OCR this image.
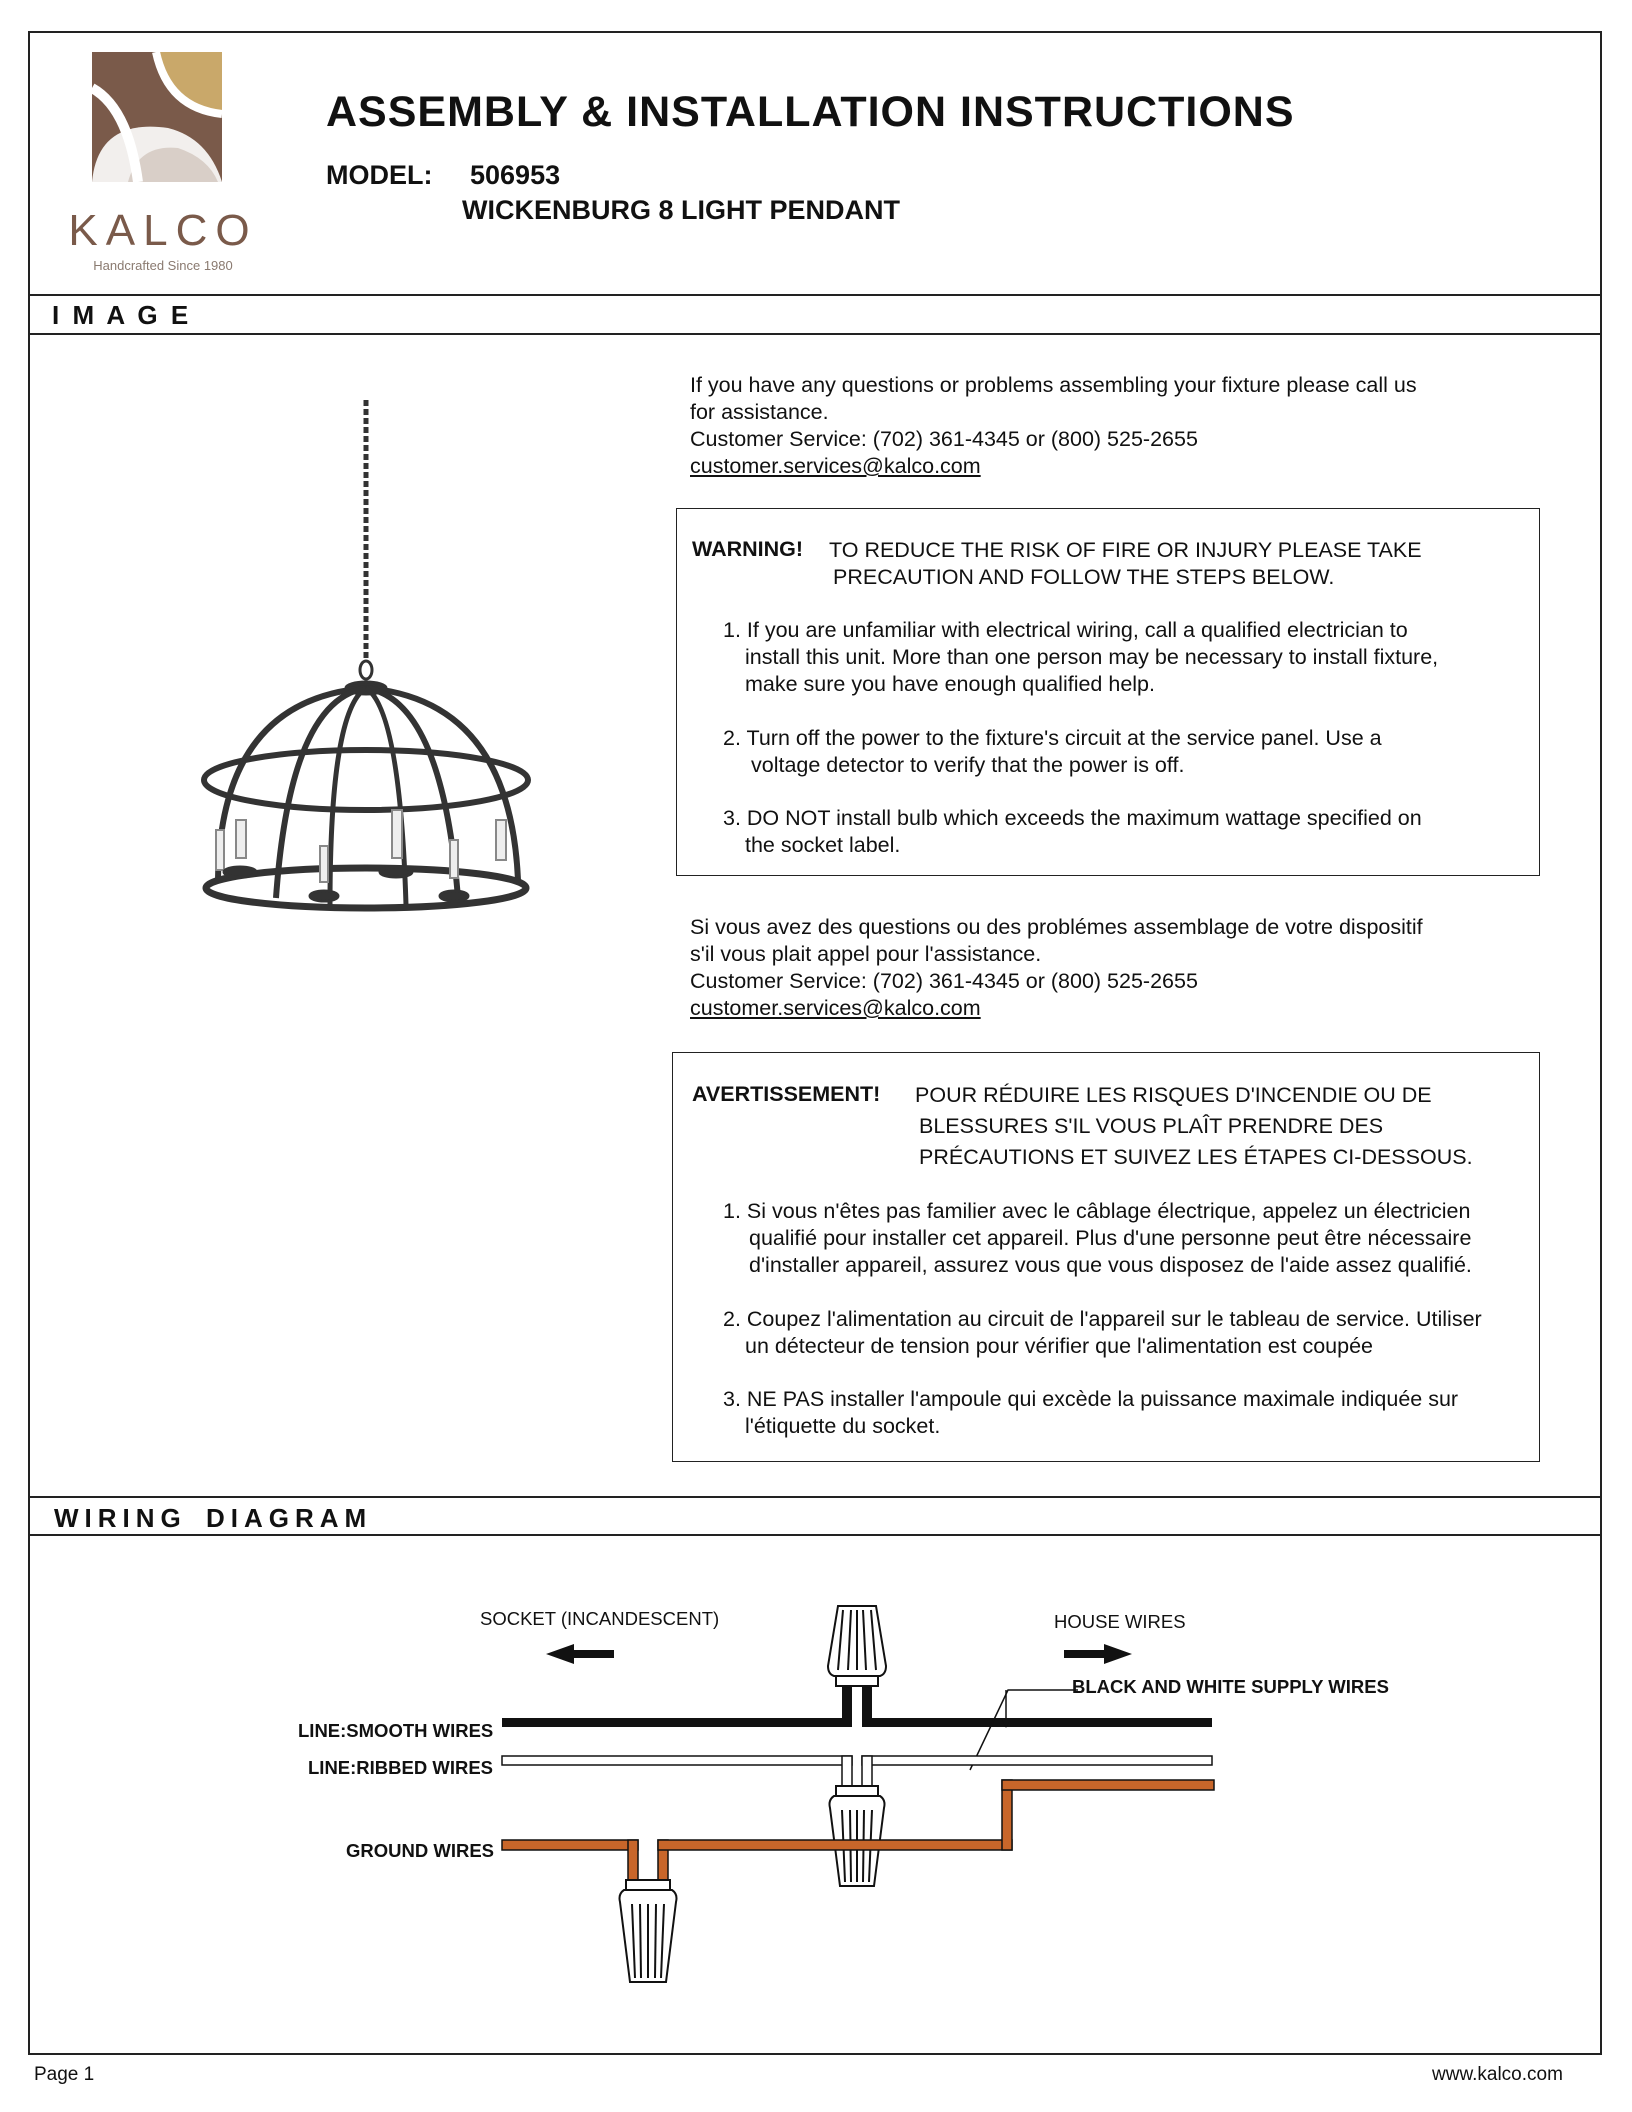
KALCO
Handcrafted Since 1980
ASSEMBLY & INSTALLATION INSTRUCTIONS
MODEL: 506953
WICKENBURG 8 LIGHT PENDANT
I M A G E
If you have any questions or problems assembling your fixture please call us
for assistance.
Customer Service: (702) 361-4345 or (800) 525-2655
customer.services@kalco.com
WARNING! TO REDUCE THE RISK OF FIRE OR INJURY PLEASE TAKE
PRECAUTION AND FOLLOW THE STEPS BELOW.
1. If you are unfamiliar with electrical wiring, call a qualified electrician to
install this unit. More than one person may be necessary to install fixture,
make sure you have enough qualified help.
2. Turn off the power to the fixture's circuit at the service panel. Use a
voltage detector to verify that the power is off.
3. DO NOT install bulb which exceeds the maximum wattage specified on
the socket label.
Si vous avez des questions ou des problémes assemblage de votre dispositif
s'il vous plait appel pour l'assistance.
Customer Service: (702) 361-4345 or (800) 525-2655
customer.services@kalco.com
AVERTISSEMENT! POUR RÉDUIRE LES RISQUES D'INCENDIE OU DE
BLESSURES S'IL VOUS PLAÎT PRENDRE DES
PRÉCAUTIONS ET SUIVEZ LES ÉTAPES CI-DESSOUS.
1. Si vous n'êtes pas familier avec le câblage électrique, appelez un électricien
qualifié pour installer cet appareil. Plus d'une personne peut être nécessaire
d'installer appareil, assurez vous que vous disposez de l'aide assez qualifié.
2. Coupez l'alimentation au circuit de l'appareil sur le tableau de service. Utiliser
un détecteur de tension pour vérifier que l'alimentation est coupée
3. NE PAS installer l'ampoule qui excède la puissance maximale indiquée sur
l'étiquette du socket.
WIRING DIAGRAM
SOCKET (INCANDESCENT)	HOUSE WIRES
BLACK AND WHITE SUPPLY WIRES
LINE:SMOOTH WIRES
LINE:RIBBED WIRES
GROUND WIRES
Page 1	www.kalco.com
